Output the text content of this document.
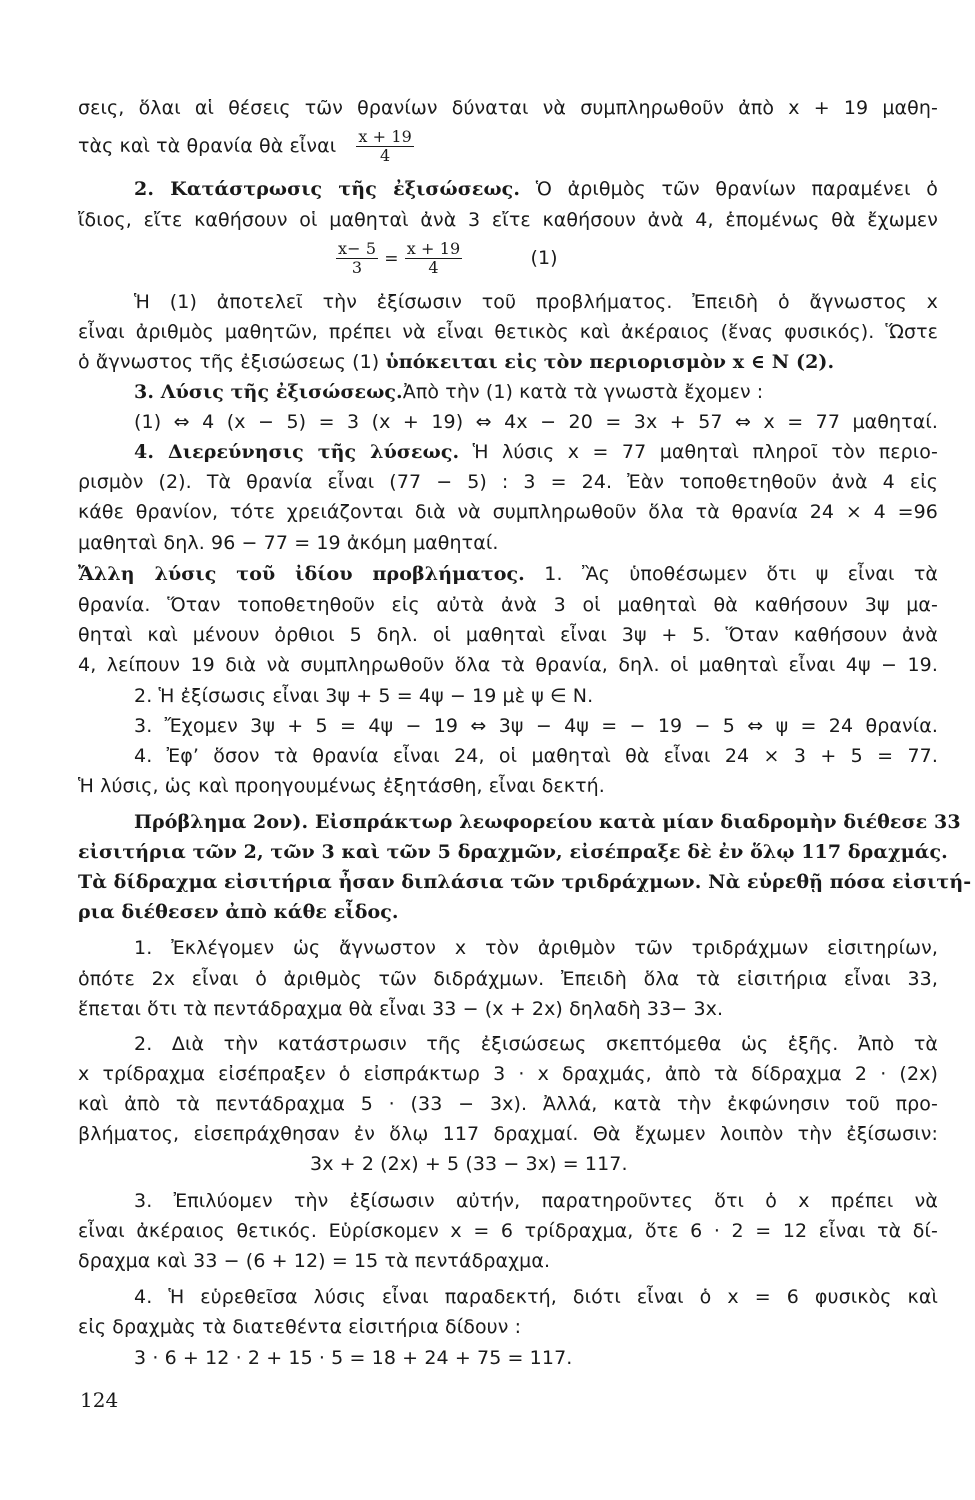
σεις, ὅλαι αἱ θέσεις τῶν θρανίων δύναται νὰ συμπληρωθοῦν ἀπὸ x + 19 μαθη-
τὰς καὶ τὰ θρανία θὰ εἶναι $\frac{x + 19}{4}$
2. Κατάστρωσις τῆς ἐξισώσεως. Ὁ ἀριθμὸς τῶν θρανίων παραμένει ὁ
ἴδιος, εἴτε καθήσουν οἱ μαθηταὶ ἀνὰ 3 εἴτε καθήσουν ἀνὰ 4, ἑπομένως θὰ ἔχωμεν
$\frac{x- 5}{3} = \frac{x + 19}{4}$	(1)
Ἡ (1) ἀποτελεῖ τὴν ἐξίσωσιν τοῦ προβλήματος. Ἐπειδὴ ὁ ἄγνωστος x
εἶναι ἀριθμὸς μαθητῶν, πρέπει νὰ εἶναι θετικὸς καὶ ἀκέραιος (ἕνας φυσικός). Ὥστε
ὁ ἄγνωστος τῆς ἐξισώσεως (1) ὑπόκειται εἰς τὸν περιορισμὸν x ∈ N (2).
3. Λύσις τῆς ἐξισώσεως.Ἀπὸ τὴν (1) κατὰ τὰ γνωστὰ ἔχομεν :
(1) ⇔ 4 (x − 5) = 3 (x + 19) ⇔ 4x − 20 = 3x + 57 ⇔ x = 77 μαθηταί.
4. Διερεύνησις τῆς λύσεως. Ἡ λύσις x = 77 μαθηταὶ πληροῖ τὸν περιο-
ρισμὸν (2). Τὰ θρανία εἶναι (77 − 5) : 3 = 24. Ἐὰν τοποθετηθοῦν ἀνὰ 4 εἰς
κάθε θρανίον, τότε χρειάζονται διὰ νὰ συμπληρωθοῦν ὅλα τὰ θρανία 24 × 4 =96
μαθηταὶ δηλ. 96 − 77 = 19 ἀκόμη μαθηταί.
Ἄλλη λύσις τοῦ ἰδίου προβλήματος. 1. Ἂς ὑποθέσωμεν ὅτι ψ εἶναι τὰ
θρανία. Ὅταν τοποθετηθοῦν εἰς αὐτὰ ἀνὰ 3 οἱ μαθηταὶ θὰ καθήσουν 3ψ μα-
θηταὶ καὶ μένουν ὀρθιοι 5 δηλ. οἱ μαθηταὶ εἶναι 3ψ + 5. Ὅταν καθήσουν ἀνὰ
4, λείπουν 19 διὰ νὰ συμπληρωθοῦν ὅλα τὰ θρανία, δηλ. οἱ μαθηταὶ εἶναι 4ψ − 19.
2. Ἡ ἐξίσωσις εἶναι 3ψ + 5 = 4ψ − 19 μὲ ψ ∈ N.
3. Ἔχομεν 3ψ + 5 = 4ψ − 19 ⇔ 3ψ − 4ψ = − 19 − 5 ⇔ ψ = 24 θρανία.
4. Ἐφ’ ὅσον τὰ θρανία εἶναι 24, οἱ μαθηταὶ θὰ εἶναι 24 × 3 + 5 = 77.
Ἡ λύσις, ὡς καὶ προηγουμένως ἐξητάσθη, εἶναι δεκτή.
Πρόβλημα 2ον). Εἰσπράκτωρ λεωφορείου κατὰ μίαν διαδρομὴν διέθεσε 33
εἰσιτήρια τῶν 2, τῶν 3 καὶ τῶν 5 δραχμῶν, εἰσέπραξε δὲ ἐν ὅλῳ 117 δραχμάς.
Τὰ δίδραχμα εἰσιτήρια ἦσαν διπλάσια τῶν τριδράχμων. Νὰ εὑρεθῇ πόσα εἰσιτή-
ρια διέθεσεν ἀπὸ κάθε εἶδος.
1. Ἐκλέγομεν ὡς ἄγνωστον x τὸν ἀριθμὸν τῶν τριδράχμων εἰσιτηρίων,
ὁπότε 2x εἶναι ὁ ἀριθμὸς τῶν διδράχμων. Ἐπειδὴ ὅλα τὰ εἰσιτήρια εἶναι 33,
ἕπεται ὅτι τὰ πεντάδραχμα θὰ εἶναι 33 − (x + 2x) δηλαδὴ 33− 3x.
2. Διὰ τὴν κατάστρωσιν τῆς ἐξισώσεως σκεπτόμεθα ὡς ἑξῆς. Ἀπὸ τὰ
x τρίδραχμα εἰσέπραξεν ὁ εἰσπράκτωρ 3 · x δραχμάς, ἀπὸ τὰ δίδραχμα 2 · (2x)
καὶ ἀπὸ τὰ πεντάδραχμα 5 · (33 − 3x). Ἀλλά, κατὰ τὴν ἐκφώνησιν τοῦ προ-
βλήματος, εἰσεπράχθησαν ἐν ὅλῳ 117 δραχμαί. Θὰ ἔχωμεν λοιπὸν τὴν ἐξίσωσιν:
3x + 2 (2x) + 5 (33 − 3x) = 117.
3. Ἐπιλύομεν τὴν ἐξίσωσιν αὐτήν, παρατηροῦντες ὅτι ὁ x πρέπει νὰ
εἶναι ἀκέραιος θετικός. Εὑρίσκομεν x = 6 τρίδραχμα, ὅτε 6 · 2 = 12 εἶναι τὰ δί-
δραχμα καὶ 33 − (6 + 12) = 15 τὰ πεντάδραχμα.
4. Ἡ εὑρεθεῖσα λύσις εἶναι παραδεκτή, διότι εἶναι ὁ x = 6 φυσικὸς καὶ
εἰς δραχμὰς τὰ διατεθέντα εἰσιτήρια δίδουν :
3 · 6 + 12 · 2 + 15 · 5 = 18 + 24 + 75 = 117.
124
